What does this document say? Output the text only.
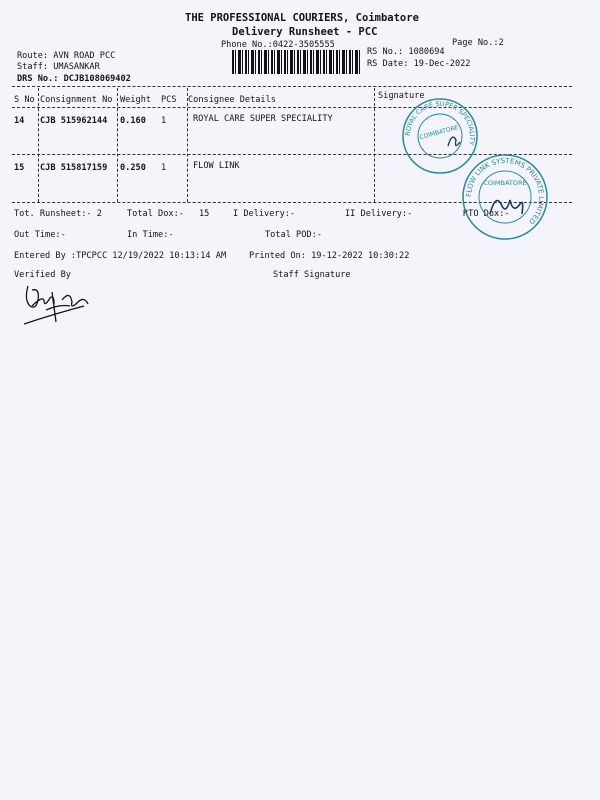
THE PROFESSIONAL COURIERS, Coimbatore
Delivery Runsheet - PCC
Phone No.:0422-3505555	Page No.:2
Route: AVN ROAD PCC
Staff: UMASANKAR
DRS No.: DCJB108069402
RS No.: 1080694
RS Date: 19-Dec-2022
S No Consignment No Weight PCS Consignee Details	Signature
14 CJB 515962144 0.160 1	ROYAL CARE SUPER SPECIALITY
15 CJB 515817159 0.250 1	FLOW LINK
Tot. Runsheet:- 2	Total Dox:- 15	I Delivery:-	II Delivery:-	RTO Dox:-
Out Time:-	In Time:-	Total POD:-
Entered By :TPCPCC 12/19/2022 10:13:14 AM	Printed On: 19-12-2022 10:30:22
Verified By	Staff Signature
ROYAL CARE SUPER SPECIALITY
COIMBATORE
FLOW LINK SYSTEMS PRIVATE LIMITED
COIMBATORE
